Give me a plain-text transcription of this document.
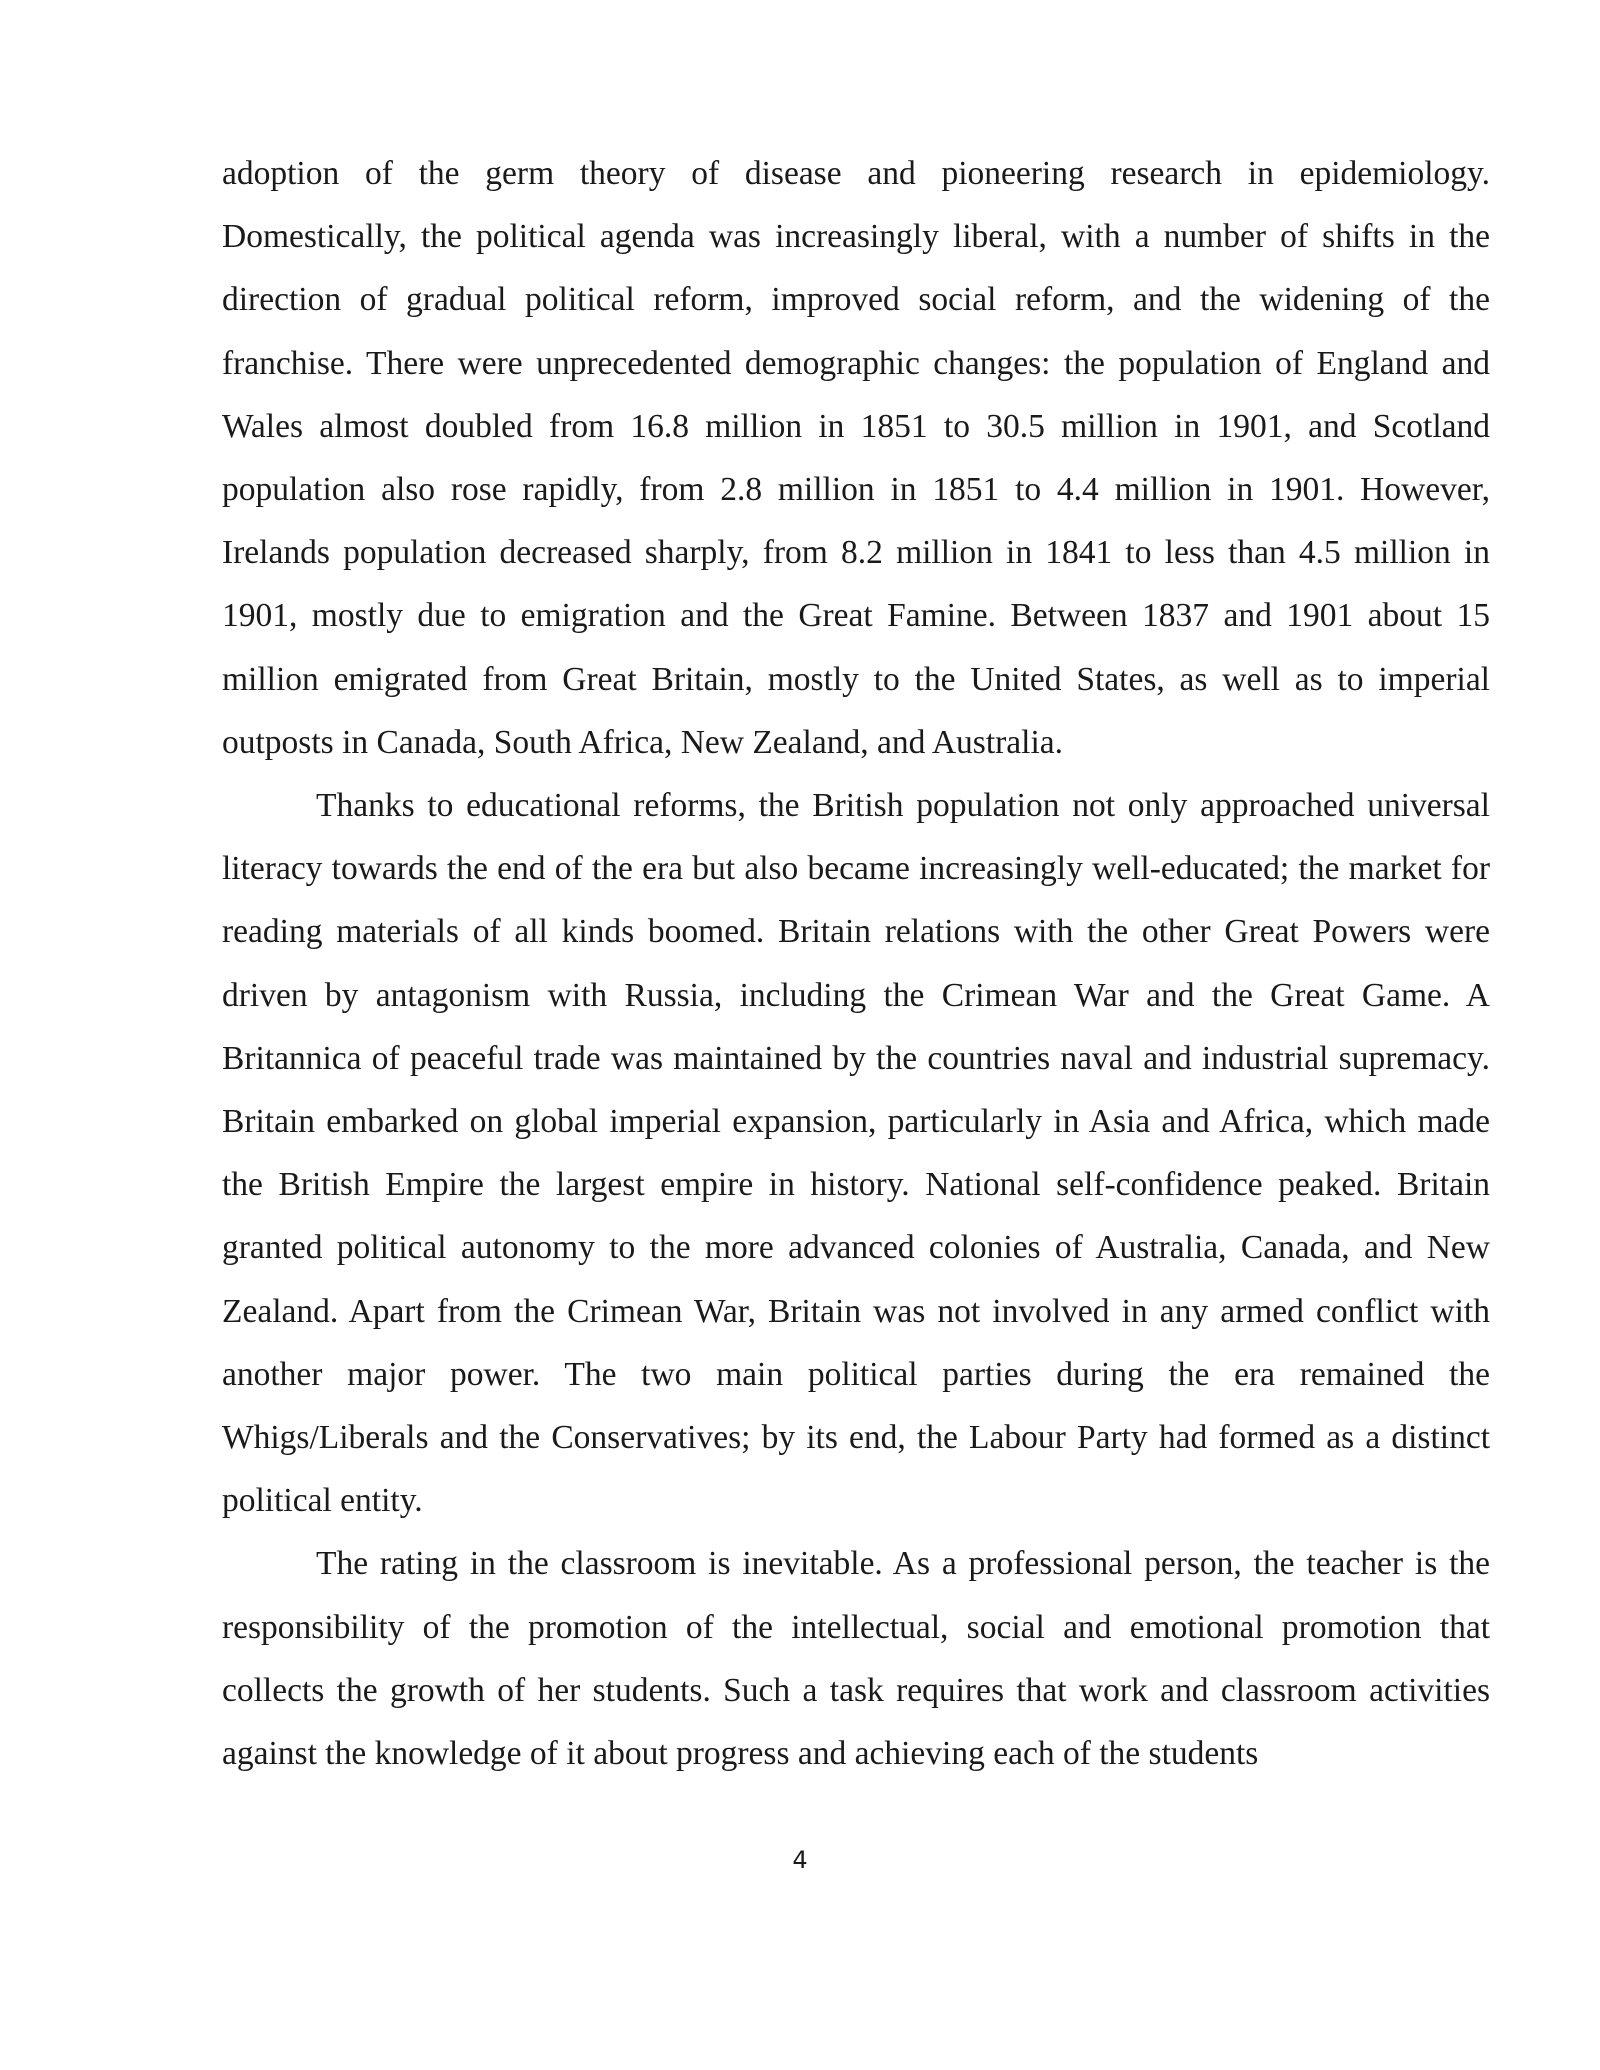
adoption of the germ theory of disease and pioneering research in epidemiology. Domestically, the political agenda was increasingly liberal, with a number of shifts in the direction of gradual political reform, improved social reform, and the widening of the franchise. There were unprecedented demographic changes: the population of England and Wales almost doubled from 16.8 million in 1851 to 30.5 million in 1901, and Scotland population also rose rapidly, from 2.8 million in 1851 to 4.4 million in 1901. However, Irelands population decreased sharply, from 8.2 million in 1841 to less than 4.5 million in 1901, mostly due to emigration and the Great Famine. Between 1837 and 1901 about 15 million emigrated from Great Britain, mostly to the United States, as well as to imperial outposts in Canada, South Africa, New Zealand, and Australia.

Thanks to educational reforms, the British population not only approached universal literacy towards the end of the era but also became increasingly well-educated; the market for reading materials of all kinds boomed. Britain relations with the other Great Powers were driven by antagonism with Russia, including the Crimean War and the Great Game. A Britannica of peaceful trade was maintained by the countries naval and industrial supremacy. Britain embarked on global imperial expansion, particularly in Asia and Africa, which made the British Empire the largest empire in history. National self-confidence peaked. Britain granted political autonomy to the more advanced colonies of Australia, Canada, and New Zealand. Apart from the Crimean War, Britain was not involved in any armed conflict with another major power. The two main political parties during the era remained the Whigs/Liberals and the Conservatives; by its end, the Labour Party had formed as a distinct political entity.

The rating in the classroom is inevitable. As a professional person, the teacher is the responsibility of the promotion of the intellectual, social and emotional promotion that collects the growth of her students. Such a task requires that work and classroom activities against the knowledge of it about progress and achieving each of the students

4
